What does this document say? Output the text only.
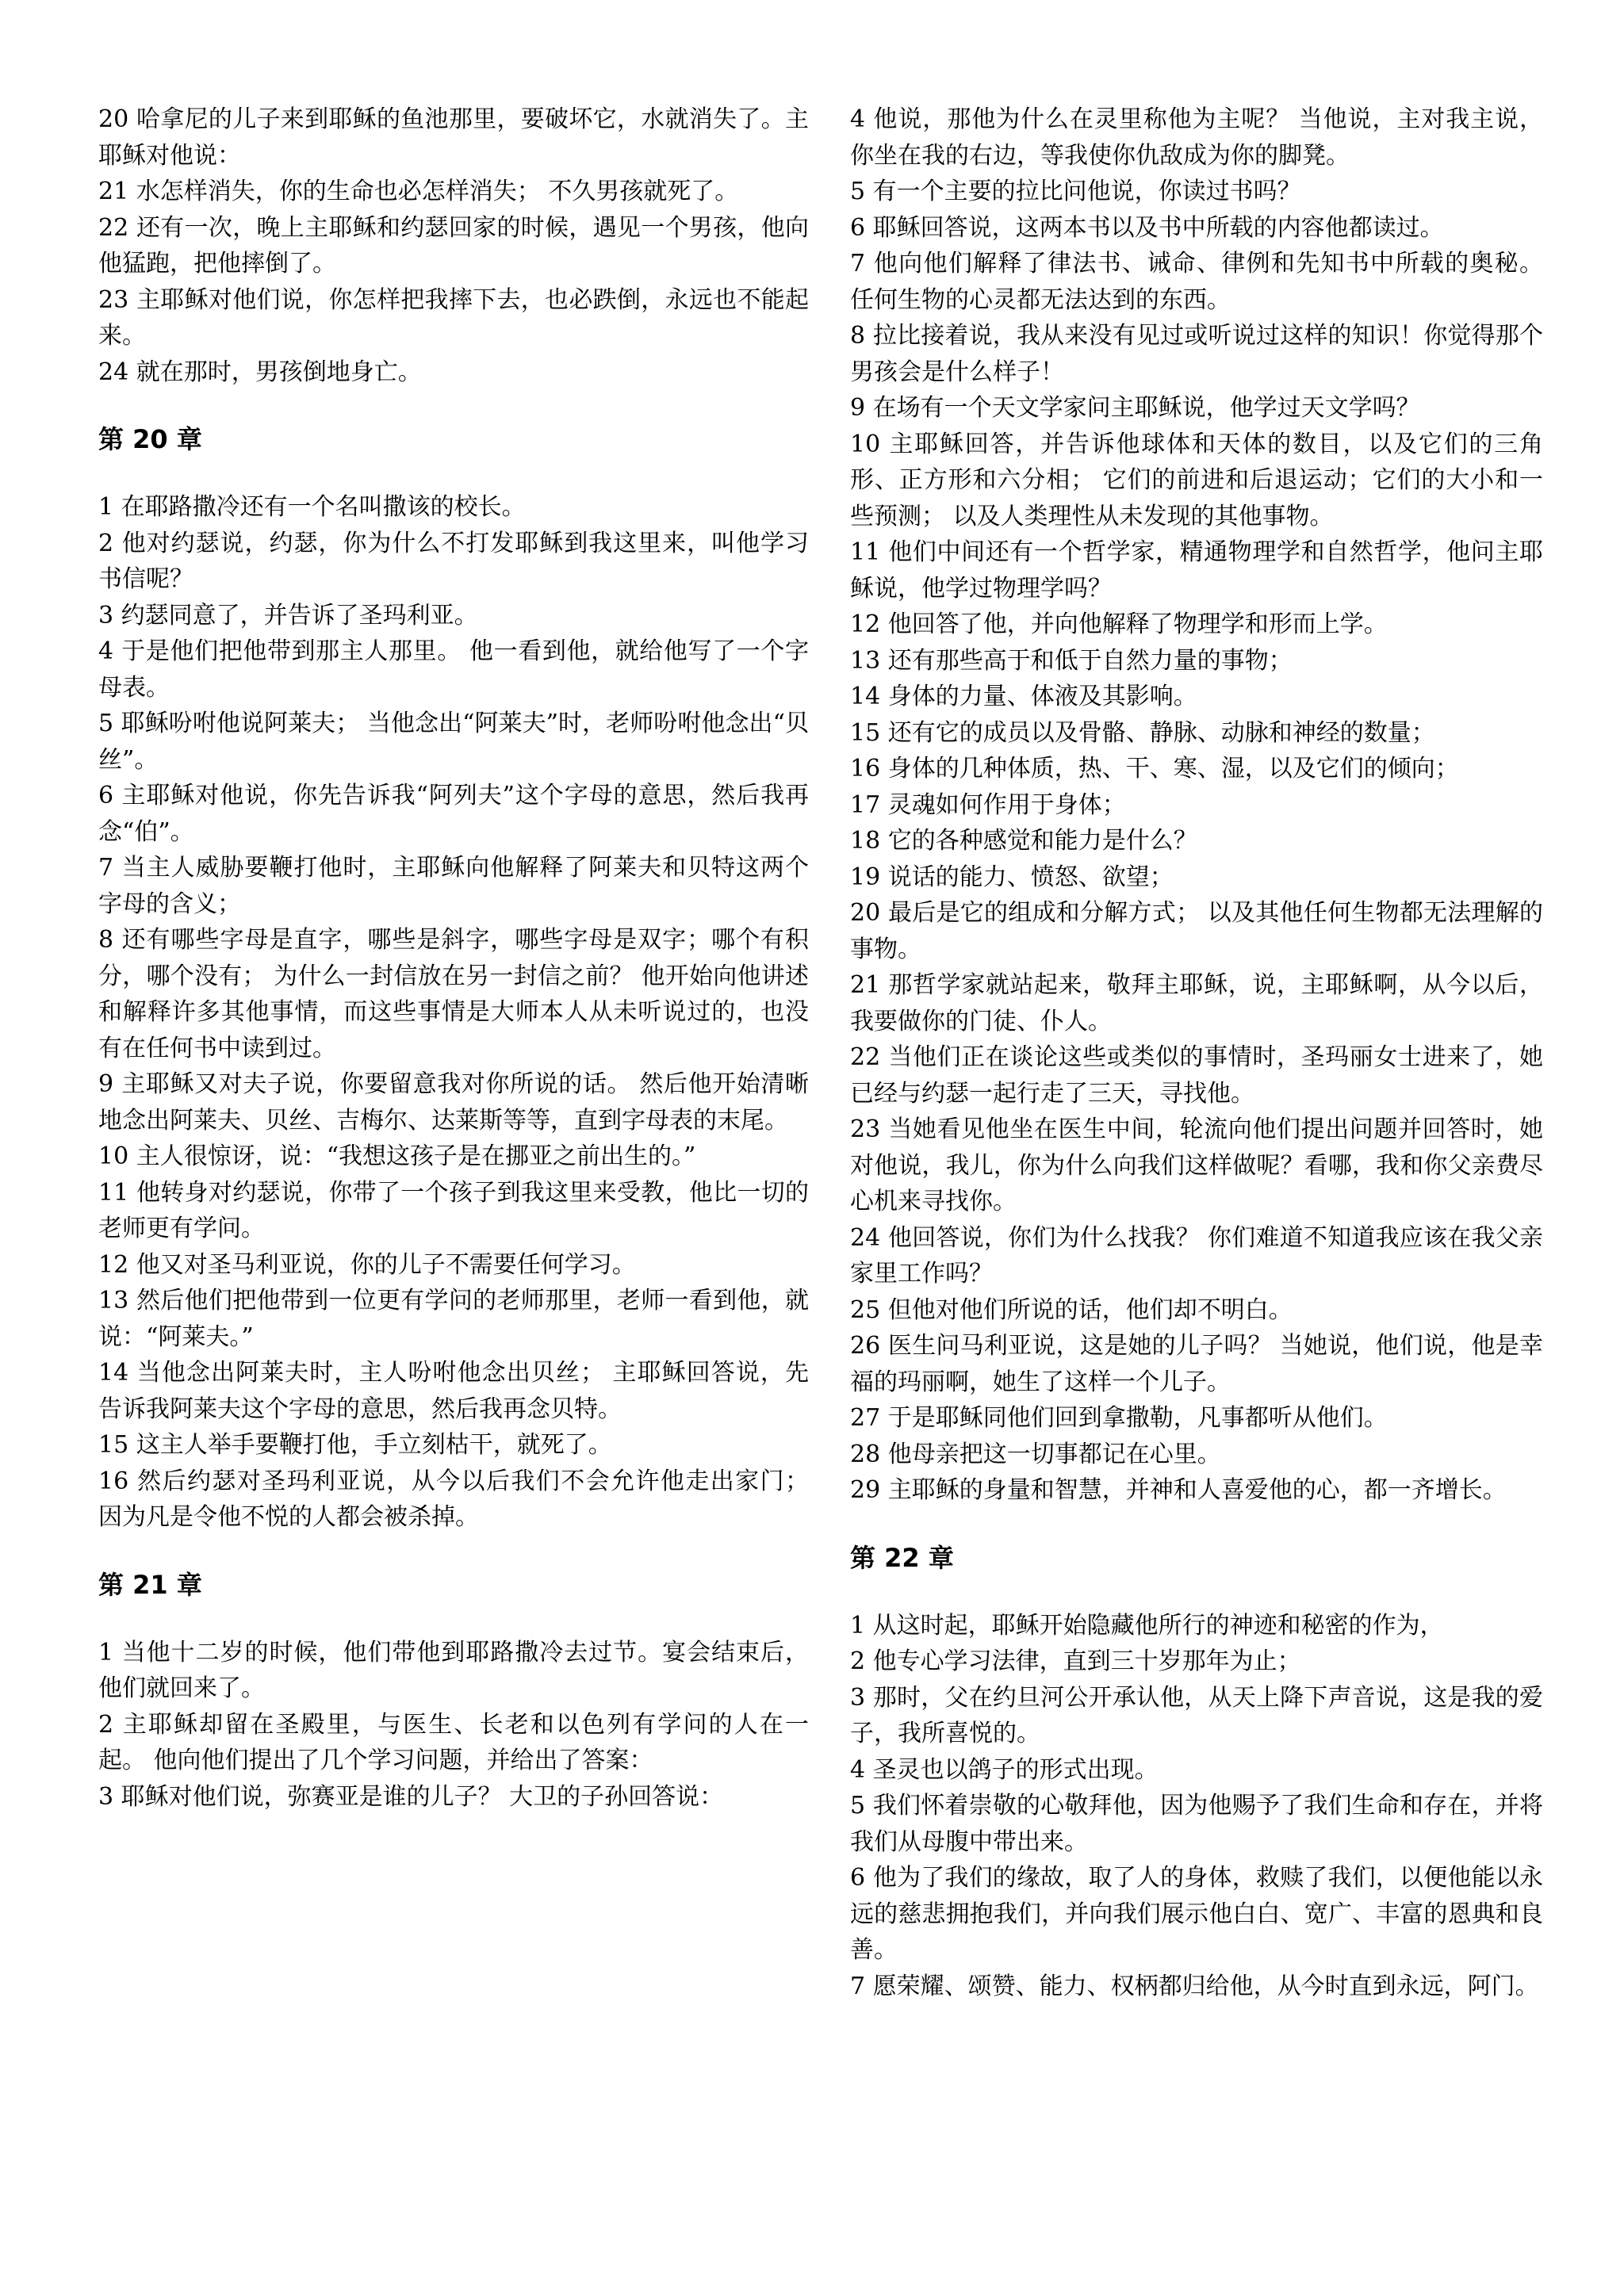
20 哈拿尼的儿子来到耶稣的鱼池那里，要破坏它，水就消失了。主耶稣对他说：
21 水怎样消失，你的生命也必怎样消失； 不久男孩就死了。
22 还有一次，晚上主耶稣和约瑟回家的时候，遇见一个男孩，他向他猛跑，把他摔倒了。
23 主耶稣对他们说，你怎样把我摔下去，也必跌倒，永远也不能起来。
24 就在那时，男孩倒地身亡。
第 20 章
1 在耶路撒冷还有一个名叫撒该的校长。
2 他对约瑟说，约瑟，你为什么不打发耶稣到我这里来，叫他学习书信呢？
3 约瑟同意了，并告诉了圣玛利亚。
4 于是他们把他带到那主人那里。 他一看到他，就给他写了一个字母表。
5 耶稣吩咐他说阿莱夫； 当他念出“阿莱夫”时，老师吩咐他念出“贝丝”。
6 主耶稣对他说，你先告诉我“阿列夫”这个字母的意思，然后我再念“伯”。
7 当主人威胁要鞭打他时，主耶稣向他解释了阿莱夫和贝特这两个字母的含义；
8 还有哪些字母是直字，哪些是斜字，哪些字母是双字；哪个有积分，哪个没有； 为什么一封信放在另一封信之前？ 他开始向他讲述和解释许多其他事情，而这些事情是大师本人从未听说过的，也没有在任何书中读到过。
9 主耶稣又对夫子说，你要留意我对你所说的话。 然后他开始清晰地念出阿莱夫、贝丝、吉梅尔、达莱斯等等，直到字母表的末尾。
10 主人很惊讶，说：“我想这孩子是在挪亚之前出生的。”
11 他转身对约瑟说，你带了一个孩子到我这里来受教，他比一切的老师更有学问。
12 他又对圣马利亚说，你的儿子不需要任何学习。
13 然后他们把他带到一位更有学问的老师那里，老师一看到他，就说：“阿莱夫。”
14 当他念出阿莱夫时，主人吩咐他念出贝丝； 主耶稣回答说，先告诉我阿莱夫这个字母的意思，然后我再念贝特。
15 这主人举手要鞭打他，手立刻枯干，就死了。
16 然后约瑟对圣玛利亚说，从今以后我们不会允许他走出家门； 因为凡是令他不悦的人都会被杀掉。
第 21 章
1 当他十二岁的时候，他们带他到耶路撒冷去过节。宴会结束后，他们就回来了。
2 主耶稣却留在圣殿里，与医生、长老和以色列有学问的人在一起。 他向他们提出了几个学习问题，并给出了答案：
3 耶稣对他们说，弥赛亚是谁的儿子？ 大卫的子孙回答说：
4 他说，那他为什么在灵里称他为主呢？ 当他说，主对我主说，你坐在我的右边，等我使你仇敌成为你的脚凳。
5 有一个主要的拉比问他说，你读过书吗？
6 耶稣回答说，这两本书以及书中所载的内容他都读过。
7 他向他们解释了律法书、诫命、律例和先知书中所载的奥秘。 任何生物的心灵都无法达到的东西。
8 拉比接着说，我从来没有见过或听说过这样的知识！你觉得那个男孩会是什么样子！
9 在场有一个天文学家问主耶稣说，他学过天文学吗？
10 主耶稣回答，并告诉他球体和天体的数目，以及它们的三角形、正方形和六分相； 它们的前进和后退运动；它们的大小和一些预测； 以及人类理性从未发现的其他事物。
11 他们中间还有一个哲学家，精通物理学和自然哲学，他问主耶稣说，他学过物理学吗？
12 他回答了他，并向他解释了物理学和形而上学。
13 还有那些高于和低于自然力量的事物；
14 身体的力量、体液及其影响。
15 还有它的成员以及骨骼、静脉、动脉和神经的数量；
16 身体的几种体质，热、干、寒、湿，以及它们的倾向；
17 灵魂如何作用于身体；
18 它的各种感觉和能力是什么？
19 说话的能力、愤怒、欲望；
20 最后是它的组成和分解方式； 以及其他任何生物都无法理解的事物。
21 那哲学家就站起来，敬拜主耶稣，说，主耶稣啊，从今以后，我要做你的门徒、仆人。
22 当他们正在谈论这些或类似的事情时，圣玛丽女士进来了，她已经与约瑟一起行走了三天，寻找他。
23 当她看见他坐在医生中间，轮流向他们提出问题并回答时，她对他说，我儿，你为什么向我们这样做呢？看哪，我和你父亲费尽心机来寻找你。
24 他回答说，你们为什么找我？ 你们难道不知道我应该在我父亲家里工作吗？
25 但他对他们所说的话，他们却不明白。
26 医生问马利亚说，这是她的儿子吗？ 当她说，他们说，他是幸福的玛丽啊，她生了这样一个儿子。
27 于是耶稣同他们回到拿撒勒，凡事都听从他们。
28 他母亲把这一切事都记在心里。
29 主耶稣的身量和智慧，并神和人喜爱他的心，都一齐增长。
第 22 章
1 从这时起，耶稣开始隐藏他所行的神迹和秘密的作为，
2 他专心学习法律，直到三十岁那年为止；
3 那时，父在约旦河公开承认他，从天上降下声音说，这是我的爱子，我所喜悦的。
4 圣灵也以鸽子的形式出现。
5 我们怀着崇敬的心敬拜他，因为他赐予了我们生命和存在，并将我们从母腹中带出来。
6 他为了我们的缘故，取了人的身体，救赎了我们，以便他能以永远的慈悲拥抱我们，并向我们展示他白白、宽广、丰富的恩典和良善。
7 愿荣耀、颂赞、能力、权柄都归给他，从今时直到永远，阿门。
